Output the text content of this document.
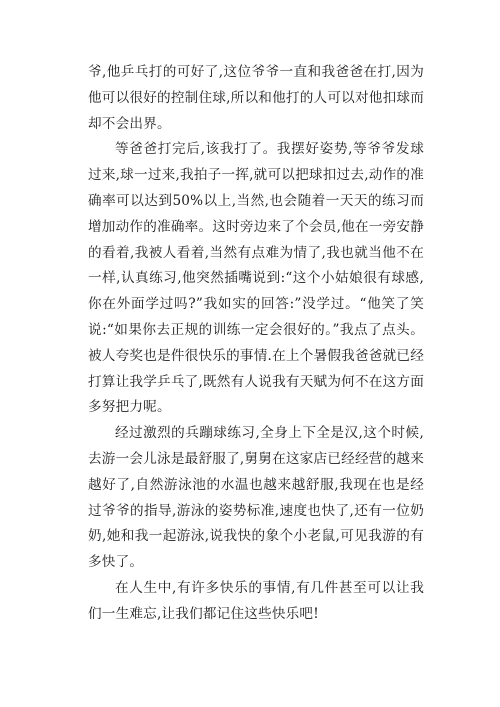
爷,他乒乓打的可好了,这位爷爷一直和我爸爸在打,因为他可以很好的控制住球,所以和他打的人可以对他扣球而却不会出界。

等爸爸打完后,该我打了。我摆好姿势,等爷爷发球过来,球一过来,我拍子一挥,就可以把球扣过去,动作的准确率可以达到50%以上,当然,也会随着一天天的练习而增加动作的准确率。这时旁边来了个会员,他在一旁安静的看着,我被人看着,当然有点难为情了,我也就当他不在一样,认真练习,他突然插嘴说到:“这个小姑娘很有球感,你在外面学过吗?”我如实的回答:”没学过。“他笑了笑说:“如果你去正规的训练一定会很好的。”我点了点头。被人夸奖也是件很快乐的事情.在上个暑假我爸爸就已经打算让我学乒乓了,既然有人说我有天赋为何不在这方面多努把力呢。

经过激烈的兵蹦球练习,全身上下全是汉,这个时候,去游一会儿泳是最舒服了,舅舅在这家店已经经营的越来越好了,自然游泳池的水温也越来越舒服,我现在也是经过爷爷的指导,游泳的姿势标准,速度也快了,还有一位奶奶,她和我一起游泳,说我快的象个小老鼠,可见我游的有多快了。

在人生中,有许多快乐的事情,有几件甚至可以让我们一生难忘,让我们都记住这些快乐吧!
